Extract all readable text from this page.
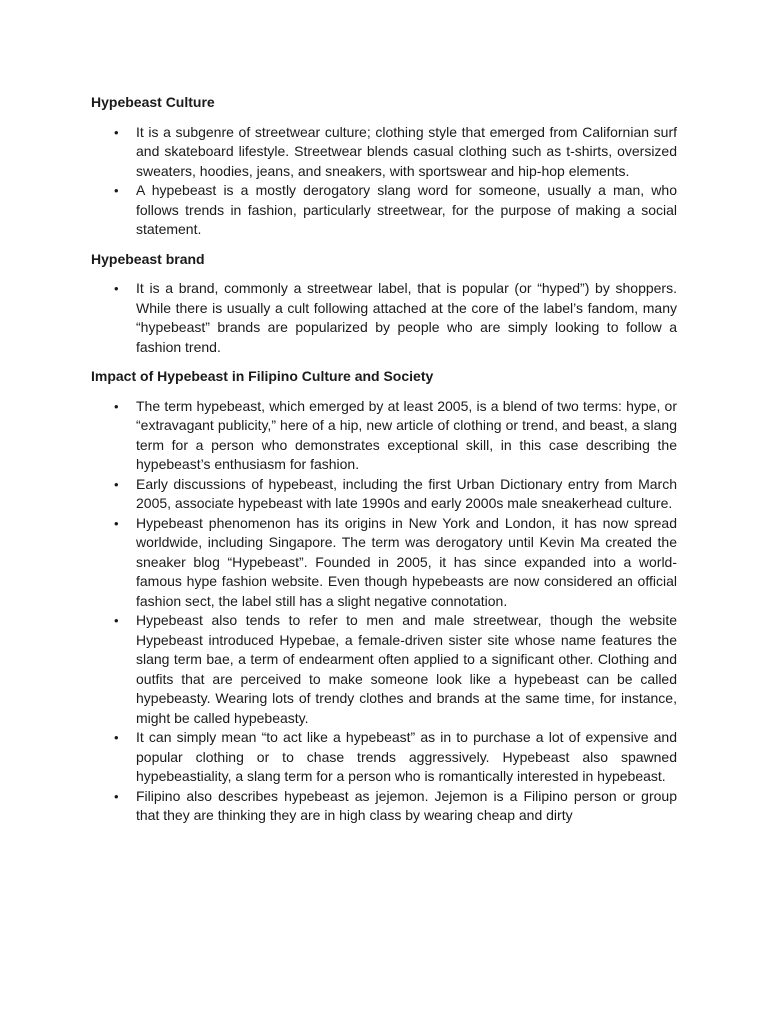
Hypebeast Culture
• It is a subgenre of streetwear culture; clothing style that emerged from Californian surf and skateboard lifestyle. Streetwear blends casual clothing such as t-shirts, oversized sweaters, hoodies, jeans, and sneakers, with sportswear and hip-hop elements.
• A hypebeast is a mostly derogatory slang word for someone, usually a man, who follows trends in fashion, particularly streetwear, for the purpose of making a social statement.
Hypebeast brand
• It is a brand, commonly a streetwear label, that is popular (or “hyped”) by shoppers. While there is usually a cult following attached at the core of the label’s fandom, many “hypebeast” brands are popularized by people who are simply looking to follow a fashion trend.
Impact of Hypebeast in Filipino Culture and Society
• The term hypebeast, which emerged by at least 2005, is a blend of two terms: hype, or “extravagant publicity,” here of a hip, new article of clothing or trend, and beast, a slang term for a person who demonstrates exceptional skill, in this case describing the hypebeast’s enthusiasm for fashion.
• Early discussions of hypebeast, including the first Urban Dictionary entry from March 2005, associate hypebeast with late 1990s and early 2000s male sneakerhead culture.
• Hypebeast phenomenon has its origins in New York and London, it has now spread worldwide, including Singapore. The term was derogatory until Kevin Ma created the sneaker blog “Hypebeast”. Founded in 2005, it has since expanded into a world-famous hype fashion website. Even though hypebeasts are now considered an official fashion sect, the label still has a slight negative connotation.
• Hypebeast also tends to refer to men and male streetwear, though the website Hypebeast introduced Hypebae, a female-driven sister site whose name features the slang term bae, a term of endearment often applied to a significant other. Clothing and outfits that are perceived to make someone look like a hypebeast can be called hypebeasty. Wearing lots of trendy clothes and brands at the same time, for instance, might be called hypebeasty.
• It can simply mean “to act like a hypebeast” as in to purchase a lot of expensive and popular clothing or to chase trends aggressively. Hypebeast also spawned hypebeastiality, a slang term for a person who is romantically interested in hypebeast.
• Filipino also describes hypebeast as jejemon. Jejemon is a Filipino person or group that they are thinking they are in high class by wearing cheap and dirty
